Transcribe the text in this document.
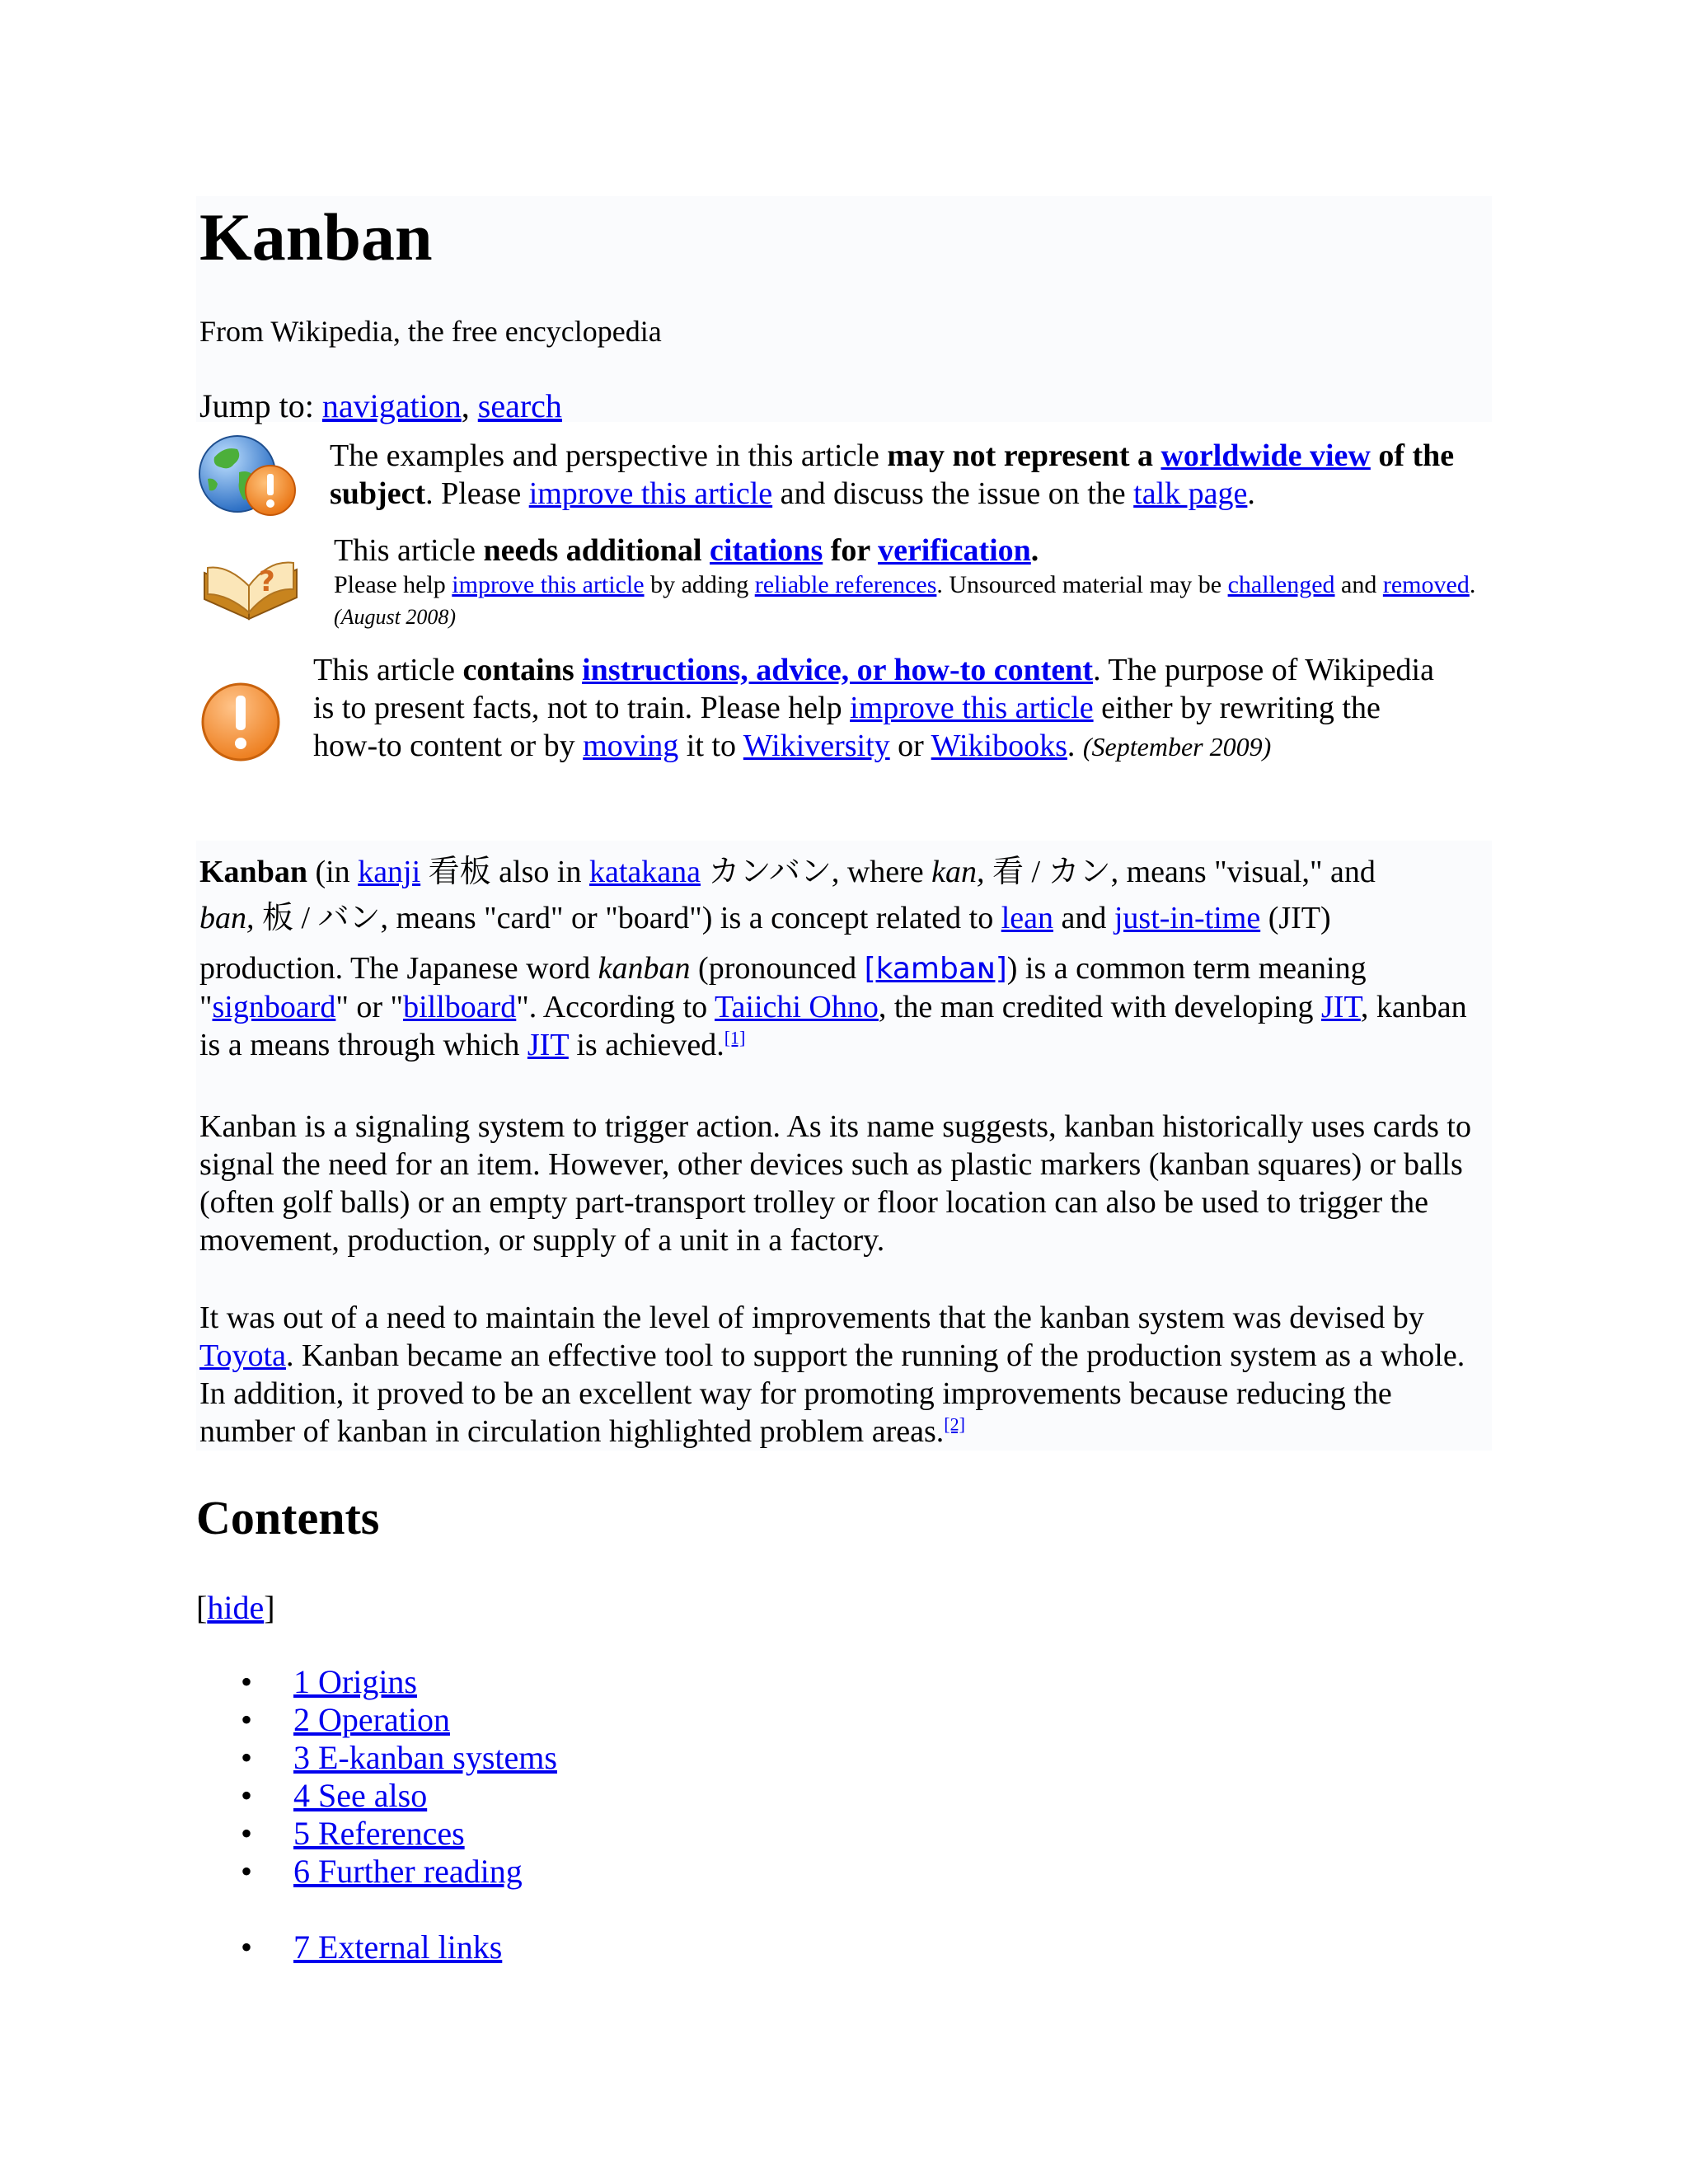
Kanban
From Wikipedia, the free encyclopedia
Jump to: navigation, search
The examples and perspective in this article may not represent a worldwide view of the subject. Please improve this article and discuss the issue on the talk page.
?
This article needs additional citations for verification.
Please help improve this article by adding reliable references. Unsourced material may be challenged and removed. (August 2008)
This article contains instructions, advice, or how-to content. The purpose of Wikipedia is to present facts, not to train. Please help improve this article either by rewriting the how-to content or by moving it to Wikiversity or Wikibooks. (September 2009)
Kanban (in kanji 看板 also in katakana カンバン, where kan, 看 / カン, means "visual," and
ban, 板 / バン, means "card" or "board") is a concept related to lean and just-in-time (JIT)
production. The Japanese word kanban (pronounced [kambaɴ]) is a common term meaning "signboard" or "billboard". According to Taiichi Ohno, the man credited with developing JIT, kanban is a means through which JIT is achieved.[1]
Kanban is a signaling system to trigger action. As its name suggests, kanban historically uses cards to signal the need for an item. However, other devices such as plastic markers (kanban squares) or balls (often golf balls) or an empty part-transport trolley or floor location can also be used to trigger the movement, production, or supply of a unit in a factory.
It was out of a need to maintain the level of improvements that the kanban system was devised by Toyota. Kanban became an effective tool to support the running of the production system as a whole. In addition, it proved to be an excellent way for promoting improvements because reducing the number of kanban in circulation highlighted problem areas.[2]
Contents
[hide]
• 1 Origins
• 2 Operation
• 3 E-kanban systems
• 4 See also
• 5 References
• 6 Further reading
• 7 External links
